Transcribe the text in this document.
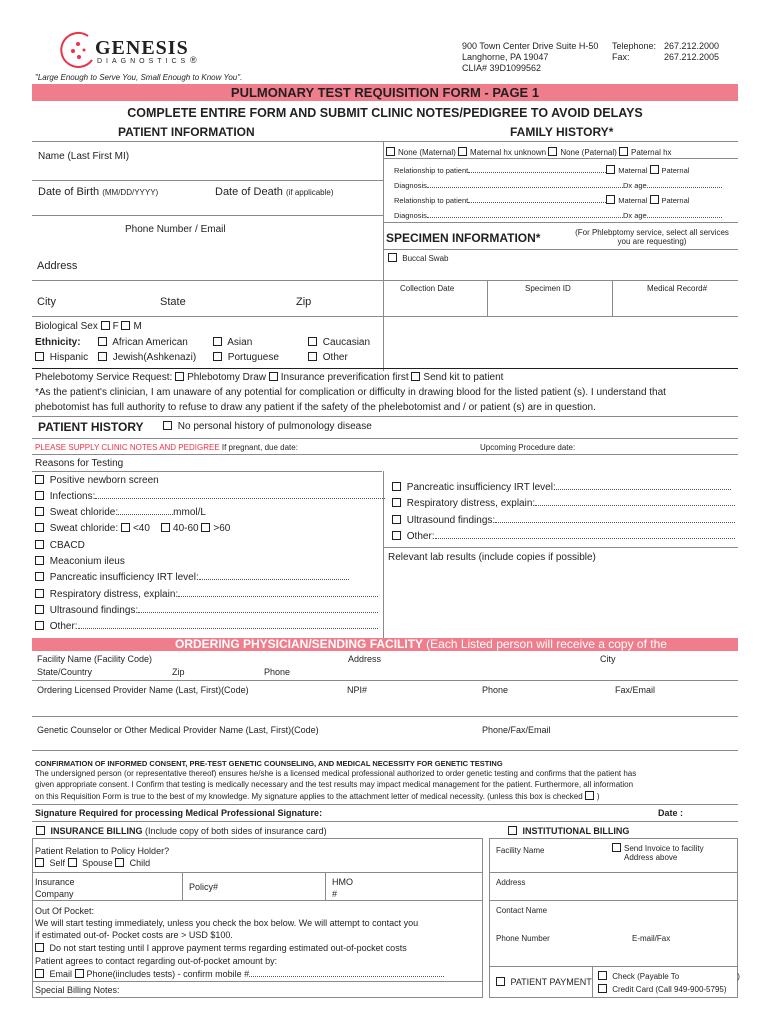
GENESIS
DIAGNOSTICS ®
"Large Enough to Serve You, Small Enough to Know You".
900 Town Center Drive Suite H-50
Langhorne, PA 19047
CLIA# 39D1099562
Telephone: 267.212.2000
Fax:	267.212.2005
PULMONARY TEST REQUISITION FORM - PAGE 1
COMPLETE ENTIRE FORM AND SUBMIT CLINIC NOTES/PEDIGREE TO AVOID DELAYS
PATIENT INFORMATION	FAMILY HISTORY*
Name (Last First MI)
Date of Birth (MM/DD/YYYY)	Date of Death (if applicable)
Phone Number / Email
Address
City	State	Zip
Biological Sex F M
Ethnicity:	African American	Asian	Caucasian
Hispanic	Jewish(Ashkenazi)	Portuguese	Other
None (Maternal) Maternal hx unknown None (Paternal) Paternal hx
Relationship to patient	Maternal Paternal
Diagnosis	Dx age
Relationship to patient	Maternal Paternal
Diagnosis	Dx age
SPECIMEN INFORMATION*	(For Phlebptomy service, select all services
you are requesting)
Buccal Swab
Collection Date	Specimen ID	Medical Record#
Phelebotomy Service Request: Phlebotomy Draw Insurance preverification first Send kit to patient
*As the patient's clinician, I am unaware of any potential for complication or difficulty in drawing blood for the listed patient (s). I understand that
phebotomist has full authority to refuse to draw any patient if the safety of the phelebotomist and / or patient (s) are in question.
PATIENT HISTORY	No personal history of pulmonology disease
PLEASE SUPPLY CLINIC NOTES AND PEDIGREE If pregnant, due date:	Upcoming Procedure date:
Reasons for Testing
Positive newborn screen
Infections:
Sweat chloride:	mmol/L
Sweat chloride: <40 40-60 >60
CBACD
Meaconium ileus
Pancreatic insufficiency IRT level:
Respiratory distress, explain:
Ultrasound findings:
Other:
Pancreatic insufficiency IRT level:
Respiratory distress, explain:
Ultrasound findings:
Other:
Relevant lab results (include copies if possible)
ORDERING PHYSICIAN/SENDING FACILITY (Each Listed person will receive a copy of the
Facility Name (Facility Code)	Address	City
State/Country	Zip	Phone
Ordering Licensed Provider Name (Last, First)(Code)	NPI#	Phone	Fax/Email
Genetic Counselor or Other Medical Provider Name (Last, First)(Code)	Phone/Fax/Email
CONFIRMATION OF INFORMED CONSENT, PRE-TEST GENETIC COUNSELING, AND MEDICAL NECESSITY FOR GENETIC TESTING
The undersigned person (or representative thereof) ensures he/she is a licensed medical professional authorized to order genetic testing and confirms that the patient has
given appropriate consent. I Confirm that testing is medically necessary and the test results may impact medical management for the patient. Furthermore, all information
on this Requisition Form is true to the best of my knowledge. My signature applies to the attachment letter of medical necessity. (unless this box is checked )
Signature Required for processing Medical Professional Signature:	Date :
INSURANCE BILLING (Include copy of both sides of insurance card)	INSTITUTIONAL BILLING
Patient Relation to Policy Holder?
Self Spouse Child
Facility Name	Send Invoice to facility
Address above
Insurance
Company
Policy#	HMO
#
Address
Out Of Pocket:	Contact Name
We will start testing immediately, unless you check the box below. We will attempt to contact you
if estimated out-of- Pocket costs are > USD $100.
Do not start testing until I approve payment terms regarding estimated out-of-pocket costs
Phone Number	E-mail/Fax
Patient agrees to contact regarding out-of-pocket amount by:
Email Phone(iincludes tests) - confirm mobile #
Special Billing Notes:
PATIENT PAYMENT
Check (Payable To	)
Credit Card (Call 949-900-5795)
